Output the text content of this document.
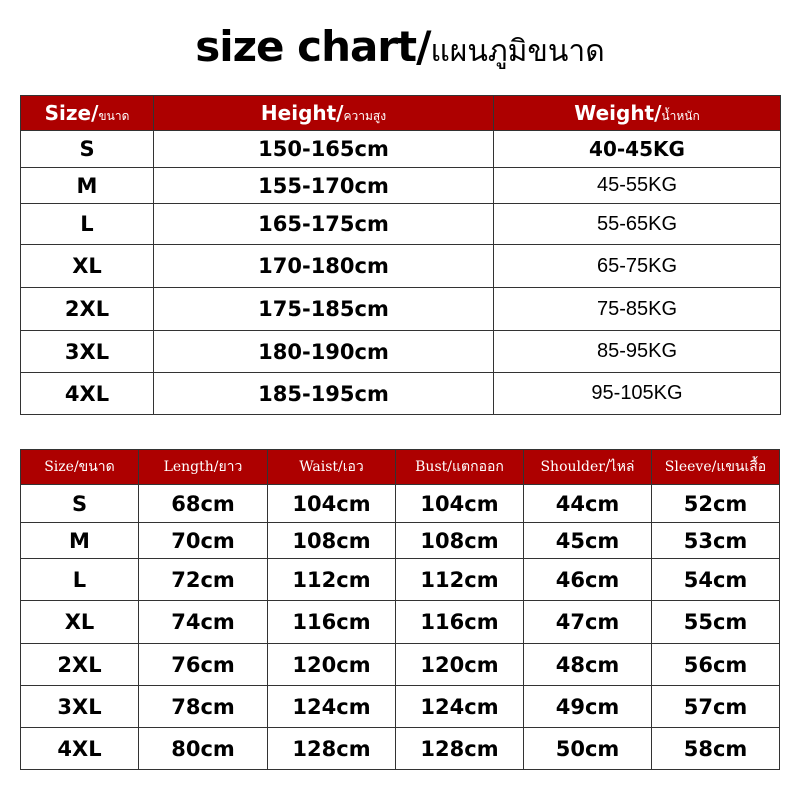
size chart/แผนภูมิขนาด
Size/ขนาด	Height/ความสูง	Weight/น้ำหนัก
S	150-165cm	40-45KG
M	155-170cm	45-55KG
L	165-175cm	55-65KG
XL	170-180cm	65-75KG
2XL	175-185cm	75-85KG
3XL	180-190cm	85-95KG
4XL	185-195cm	95-105KG
Size/ขนาด	Length/ยาว	Waist/เอว	Bust/แตกออก	Shoulder/ไหล่	Sleeve/แขนเสื้อ
S	68cm	104cm	104cm	44cm	52cm
M	70cm	108cm	108cm	45cm	53cm
L	72cm	112cm	112cm	46cm	54cm
XL	74cm	116cm	116cm	47cm	55cm
2XL	76cm	120cm	120cm	48cm	56cm
3XL	78cm	124cm	124cm	49cm	57cm
4XL	80cm	128cm	128cm	50cm	58cm
